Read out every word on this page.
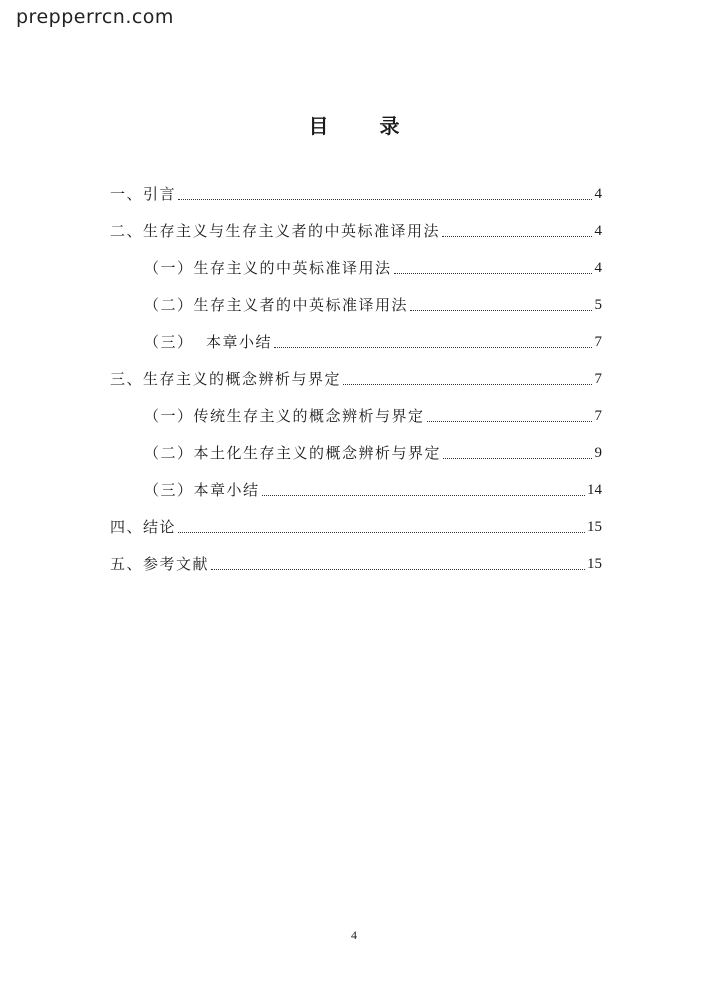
prepperrcn.com
目 录
一、引言	4
二、生存主义与生存主义者的中英标准译用法	4
（一）生存主义的中英标准译用法	4
（二）生存主义者的中英标准译用法	5
（三）  本章小结	7
三、生存主义的概念辨析与界定	7
（一）传统生存主义的概念辨析与界定	7
（二）本土化生存主义的概念辨析与界定	9
（三）本章小结	14
四、结论	15
五、参考文献	15
4
